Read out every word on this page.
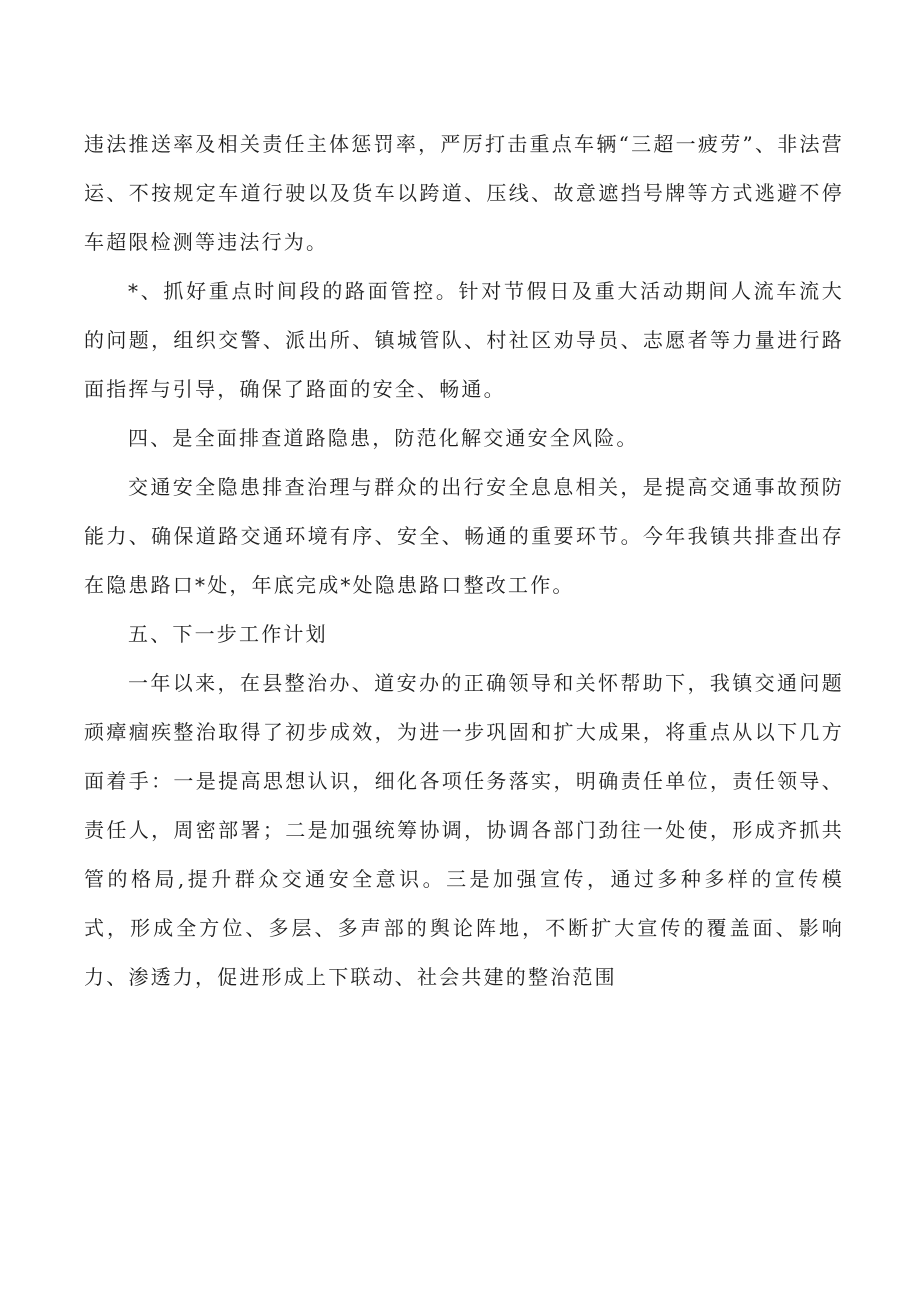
违法推送率及相关责任主体惩罚率，严厉打击重点车辆“三超一疲劳”、非法营运、不按规定车道行驶以及货车以跨道、压线、故意遮挡号牌等方式逃避不停车超限检测等违法行为。

*、抓好重点时间段的路面管控。针对节假日及重大活动期间人流车流大的问题，组织交警、派出所、镇城管队、村社区劝导员、志愿者等力量进行路面指挥与引导，确保了路面的安全、畅通。

四、是全面排查道路隐患，防范化解交通安全风险。

交通安全隐患排查治理与群众的出行安全息息相关，是提高交通事故预防能力、确保道路交通环境有序、安全、畅通的重要环节。今年我镇共排查出存在隐患路口*处，年底完成*处隐患路口整改工作。

五、下一步工作计划

一年以来，在县整治办、道安办的正确领导和关怀帮助下，我镇交通问题顽瘴痼疾整治取得了初步成效，为进一步巩固和扩大成果，将重点从以下几方面着手：一是提高思想认识，细化各项任务落实，明确责任单位，责任领导、责任人，周密部署；二是加强统筹协调，协调各部门劲往一处使，形成齐抓共管的格局,提升群众交通安全意识。三是加强宣传，通过多种多样的宣传模式，形成全方位、多层、多声部的舆论阵地，不断扩大宣传的覆盖面、影响力、渗透力，促进形成上下联动、社会共建的整治范围
